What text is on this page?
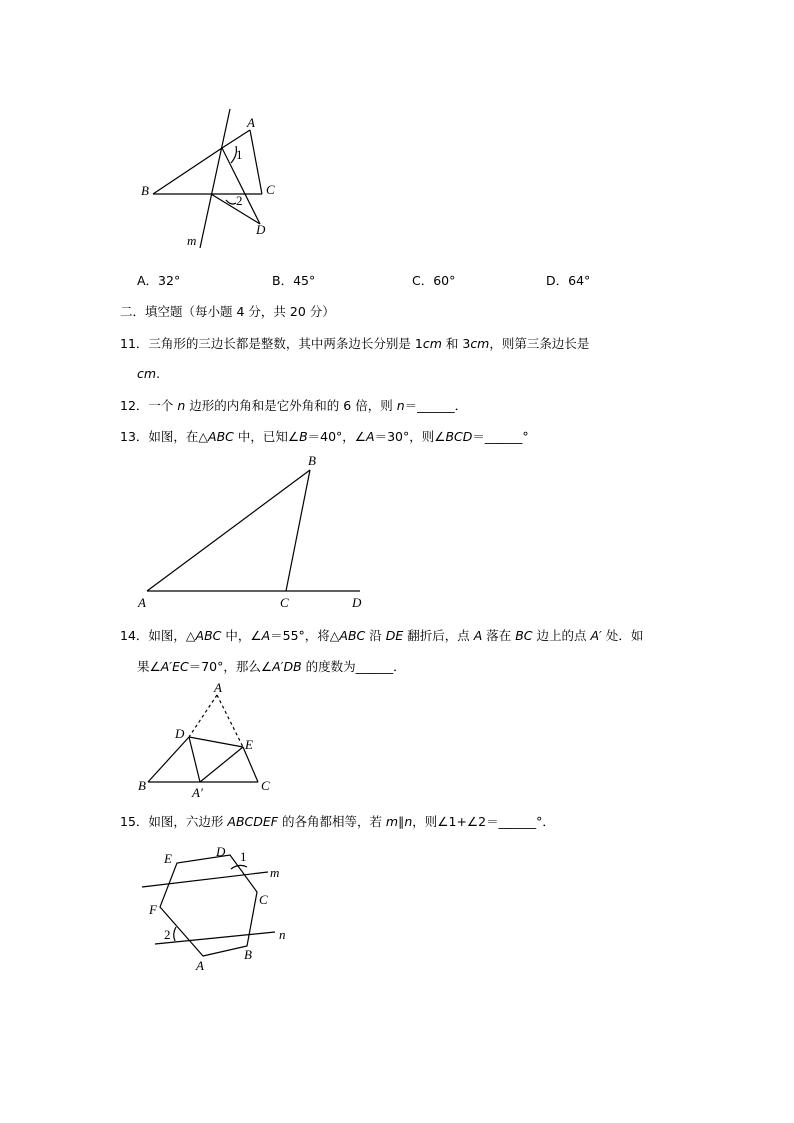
A
B	C
D
m
1
2
A．32°	B．45°	C．60°	D．64°
二．填空题（每小题 4 分，共 20 分）
11．三角形的三边长都是整数，其中两条边长分别是 1cm 和 3cm，则第三条边长是
cm.
12．一个 n 边形的内角和是它外角和的 6 倍，则 n＝______．
13．如图，在△ABC 中，已知∠B＝40°，∠A＝30°，则∠BCD＝______°
A
B
C	D
14．如图，△ABC 中，∠A＝55°，将△ABC 沿 DE 翻折后，点 A 落在 BC 边上的点 A′ 处．如
果∠A′EC＝70°，那么∠A′DB 的度数为______．
A
D
E
B	C
A′
15．如图，六边形 ABCDEF 的各角都相等，若 m∥n，则∠1+∠2＝______°．
D
E	1
m
C
F
2	n
B
A
